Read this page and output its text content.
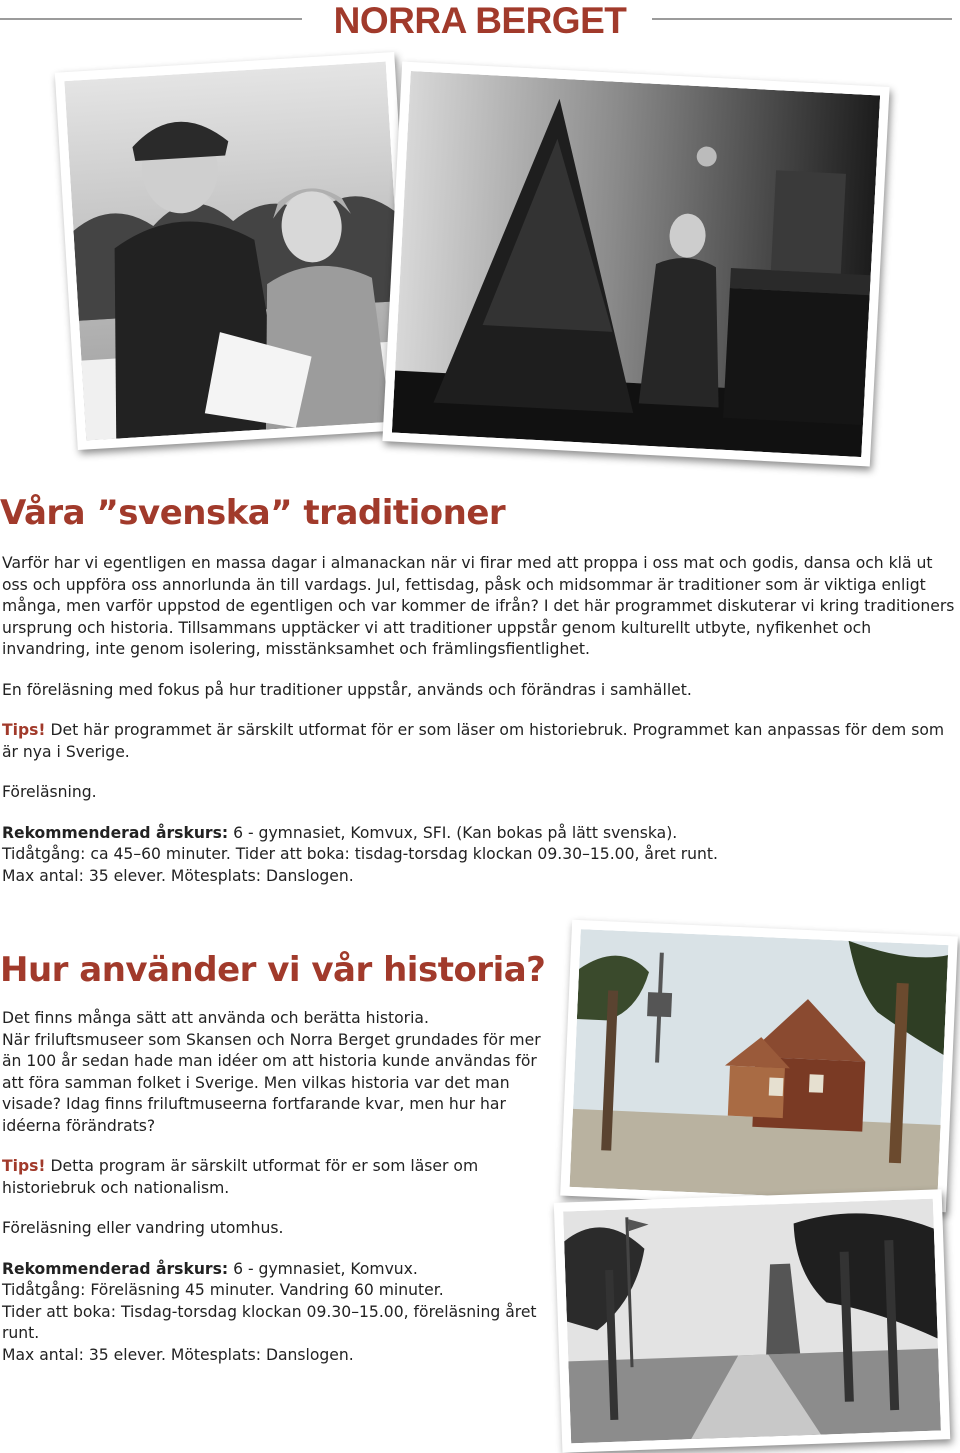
NORRA BERGET
Våra ”svenska” traditioner

Varför har vi egentligen en massa dagar i almanackan när vi firar med att proppa i oss mat och godis, dansa och klä ut oss och uppföra oss annorlunda än till vardags. Jul, fettisdag, påsk och midsommar är traditioner som är viktiga enligt många, men varför uppstod de egentligen och var kommer de ifrån? I det här programmet diskuterar vi kring traditioners ursprung och historia. Tillsammans upptäcker vi att traditioner uppstår genom kulturellt utbyte, nyfikenhet och invandring, inte genom isolering, misstänksamhet och främlingsfientlighet.

En föreläsning med fokus på hur traditioner uppstår, används och förändras i samhället.

Tips! Det här programmet är särskilt utformat för er som läser om historiebruk. Programmet kan anpassas för dem som är nya i Sverige.

Föreläsning.

Rekommenderad årskurs: 6 - gymnasiet, Komvux, SFI. (Kan bokas på lätt svenska).

Tidåtgång: ca 45–60 minuter. Tider att boka: tisdag-torsdag klockan 09.30–15.00, året runt.

Max antal: 35 elever. Mötesplats: Danslogen.

Hur använder vi vår historia?

Det finns många sätt att använda och berätta historia.

När friluftsmuseer som Skansen och Norra Berget grundades för mer än 100 år sedan hade man idéer om att historia kunde användas för att föra samman folket i Sverige. Men vilkas historia var det man visade? Idag finns friluftmuseerna fortfarande kvar, men hur har idéerna förändrats?

Tips! Detta program är särskilt utformat för er som läser om historiebruk och nationalism.

Föreläsning eller vandring utomhus.

Rekommenderad årskurs: 6 - gymnasiet, Komvux.

Tidåtgång: Föreläsning 45 minuter. Vandring 60 minuter.

Tider att boka: Tisdag-torsdag klockan 09.30–15.00, föreläsning året runt.

Max antal: 35 elever. Mötesplats: Danslogen.
